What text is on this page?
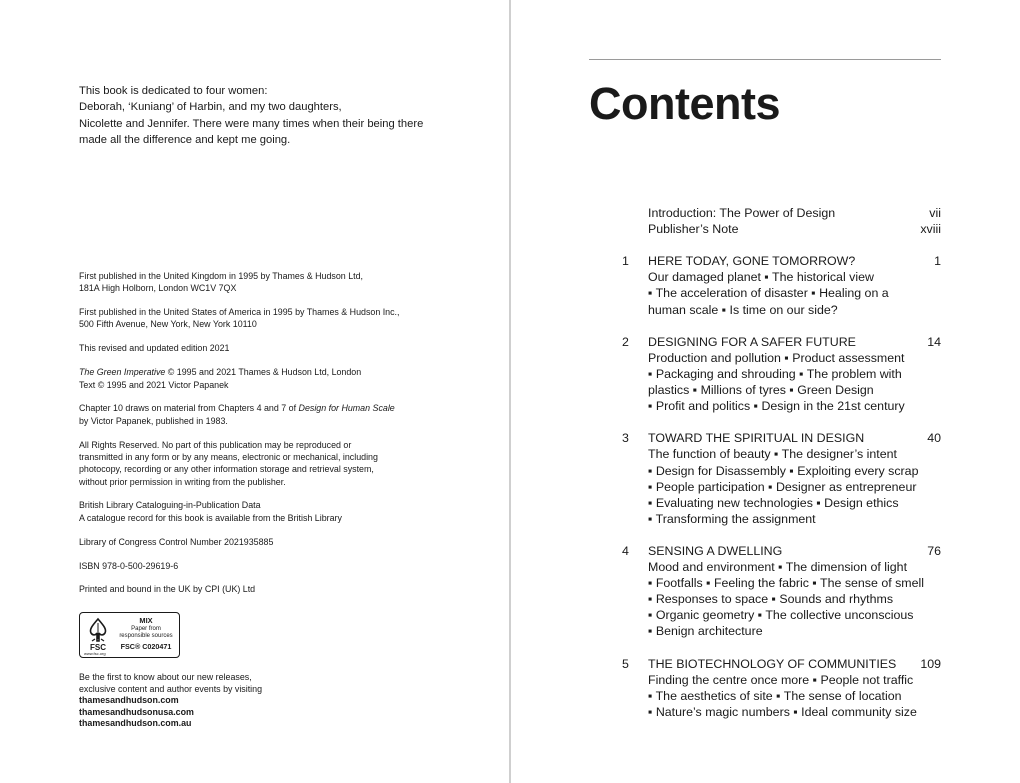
This book is dedicated to four women:
Deborah, ‘Kuniang’ of Harbin, and my two daughters,
Nicolette and Jennifer. There were many times when their being there
made all the difference and kept me going.
First published in the United Kingdom in 1995 by Thames & Hudson Ltd,
181A High Holborn, London WC1V 7QX
First published in the United States of America in 1995 by Thames & Hudson Inc.,
500 Fifth Avenue, New York, New York 10110
This revised and updated edition 2021
The Green Imperative © 1995 and 2021 Thames & Hudson Ltd, London
Text © 1995 and 2021 Victor Papanek
Chapter 10 draws on material from Chapters 4 and 7 of Design for Human Scale
by Victor Papanek, published in 1983.
All Rights Reserved. No part of this publication may be reproduced or
transmitted in any form or by any means, electronic or mechanical, including
photocopy, recording or any other information storage and retrieval system,
without prior permission in writing from the publisher.
British Library Cataloguing-in-Publication Data
A catalogue record for this book is available from the British Library
Library of Congress Control Number 2021935885
ISBN 978-0-500-29619-6
Printed and bound in the UK by CPI (UK) Ltd
FSC
www.fsc.org
MIX
Paper from
responsible sources
FSC® C020471
Be the first to know about our new releases,
exclusive content and author events by visiting
thamesandhudson.com
thamesandhudsonusa.com
thamesandhudson.com.au
Contents
Introduction: The Power of Design	vii
Publisher’s Note	xviii
1 HERE TODAY, GONE TOMORROW?	1
Our damaged planet ▪ The historical view
▪ The acceleration of disaster ▪ Healing on a
human scale ▪ Is time on our side?
2 DESIGNING FOR A SAFER FUTURE	14
Production and pollution ▪ Product assessment
▪ Packaging and shrouding ▪ The problem with
plastics ▪ Millions of tyres ▪ Green Design
▪ Profit and politics ▪ Design in the 21st century
3 TOWARD THE SPIRITUAL IN DESIGN	40
The function of beauty ▪ The designer’s intent
▪ Design for Disassembly ▪ Exploiting every scrap
▪ People participation ▪ Designer as entrepreneur
▪ Evaluating new technologies ▪ Design ethics
▪ Transforming the assignment
4 SENSING A DWELLING	76
Mood and environment ▪ The dimension of light
▪ Footfalls ▪ Feeling the fabric ▪ The sense of smell
▪ Responses to space ▪ Sounds and rhythms
▪ Organic geometry ▪ The collective unconscious
▪ Benign architecture
5 THE BIOTECHNOLOGY OF COMMUNITIES 109
Finding the centre once more ▪ People not traffic
▪ The aesthetics of site ▪ The sense of location
▪ Nature’s magic numbers ▪ Ideal community size
